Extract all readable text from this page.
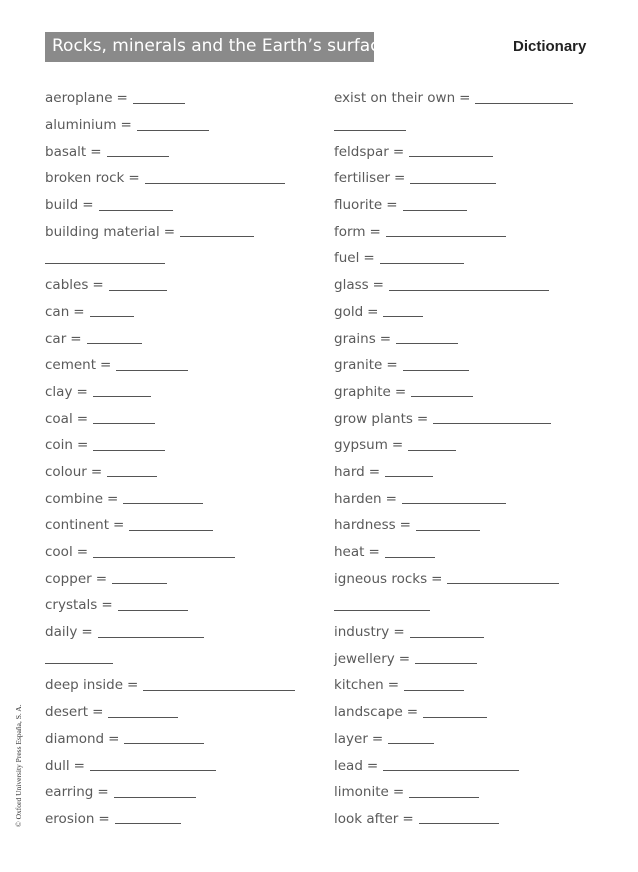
Rocks, minerals and the Earth’s surface	Dictionary
© Oxford University Press España, S. A.
aeroplane =
aluminium =
basalt =
broken rock =
build =
building material =
cables =
can =
car =
cement =
clay =
coal =
coin =
colour =
combine =
continent =
cool =
copper =
crystals =
daily =
deep inside =
desert =
diamond =
dull =
earring =
erosion =
exist on their own =
feldspar =
fertiliser =
fluorite =
form =
fuel =
glass =
gold =
grains =
granite =
graphite =
grow plants =
gypsum =
hard =
harden =
hardness =
heat =
igneous rocks =
industry =
jewellery =
kitchen =
landscape =
layer =
lead =
limonite =
look after =
